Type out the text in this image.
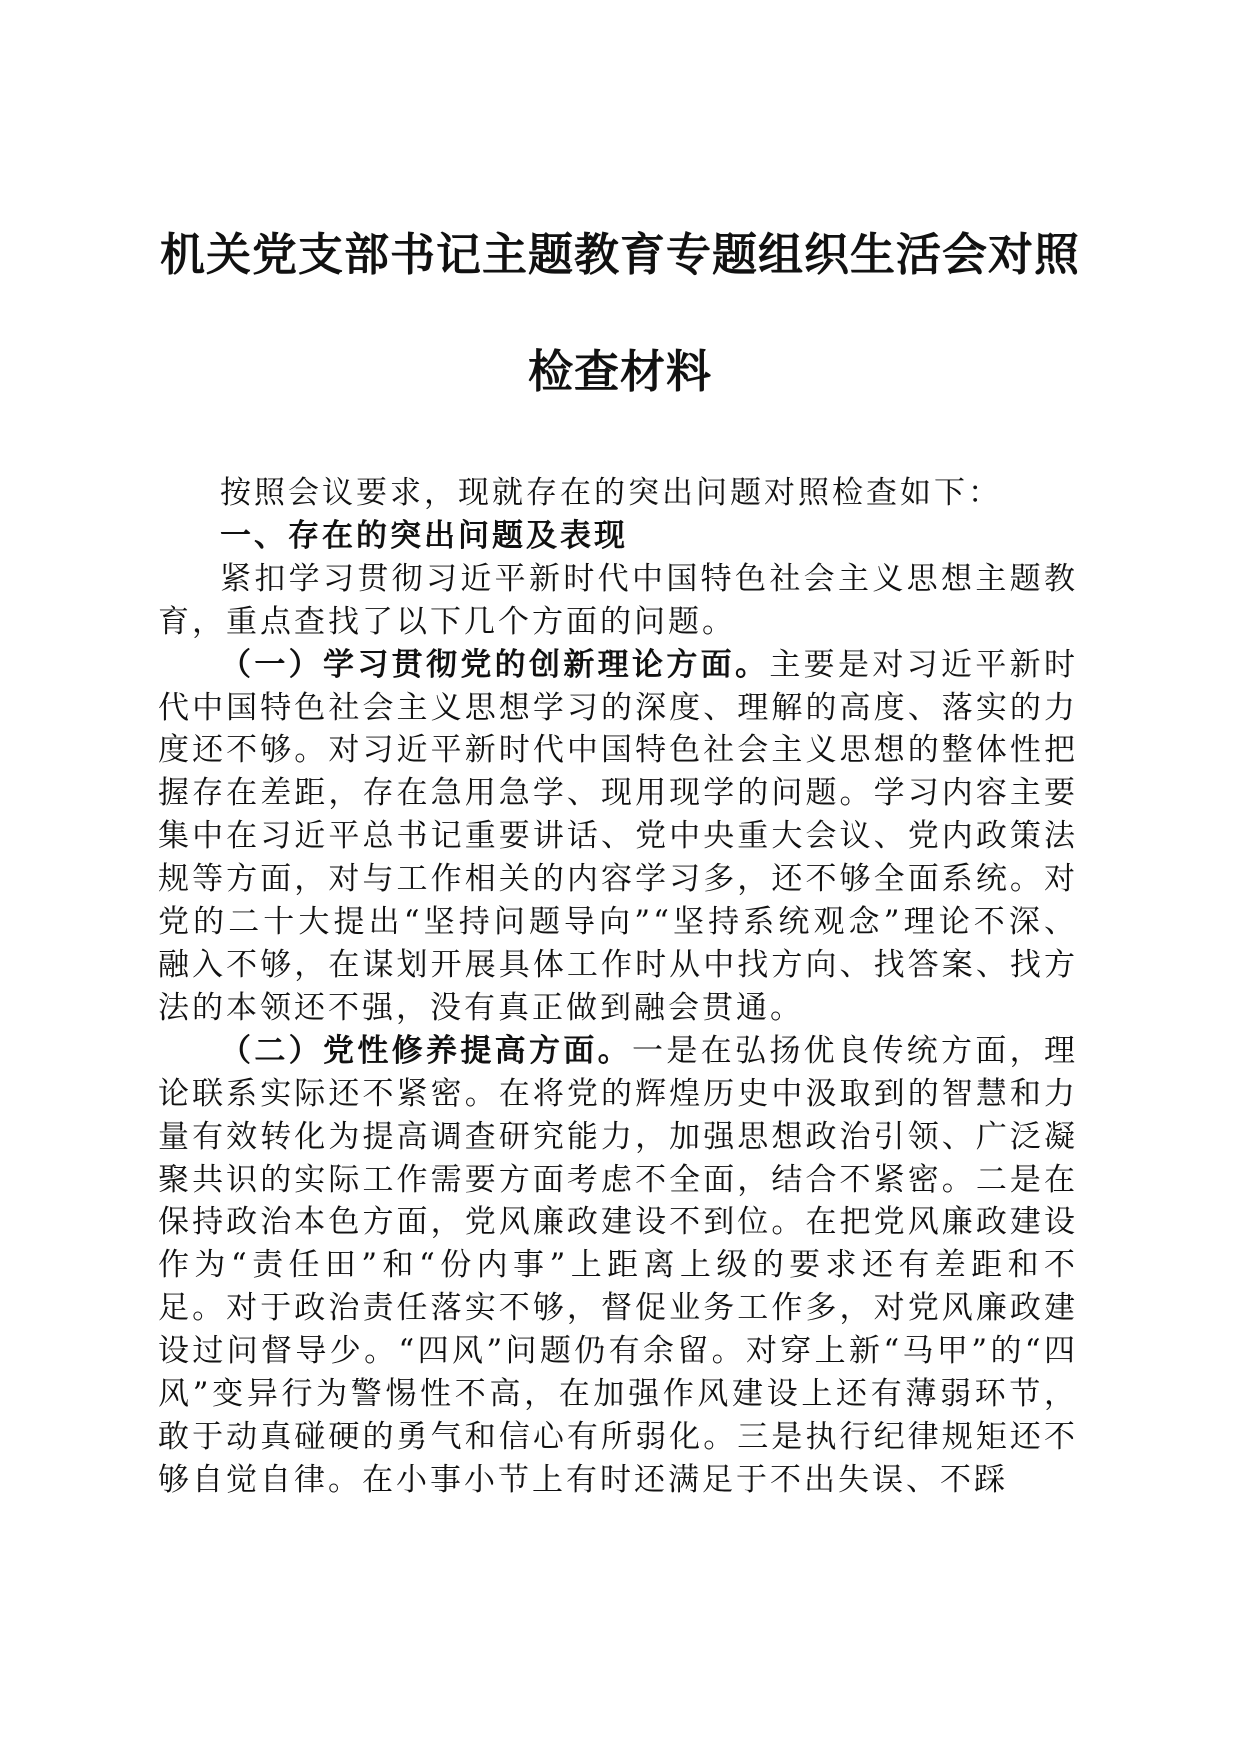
机关党支部书记主题教育专题组织生活会对照
检查材料

按照会议要求，现就存在的突出问题对照检查如下：

一、存在的突出问题及表现

紧扣学习贯彻习近平新时代中国特色社会主义思想主题教育，重点查找了以下几个方面的问题。

（一）学习贯彻党的创新理论方面。主要是对习近平新时代中国特色社会主义思想学习的深度、理解的高度、落实的力度还不够。对习近平新时代中国特色社会主义思想的整体性把握存在差距，存在急用急学、现用现学的问题。学习内容主要集中在习近平总书记重要讲话、党中央重大会议、党内政策法规等方面，对与工作相关的内容学习多，还不够全面系统。对党的二十大提出“坚持问题导向”“坚持系统观念”理论不深、融入不够，在谋划开展具体工作时从中找方向、找答案、找方法的本领还不强，没有真正做到融会贯通。

（二）党性修养提高方面。一是在弘扬优良传统方面，理论联系实际还不紧密。在将党的辉煌历史中汲取到的智慧和力量有效转化为提高调查研究能力，加强思想政治引领、广泛凝聚共识的实际工作需要方面考虑不全面，结合不紧密。二是在保持政治本色方面，党风廉政建设不到位。在把党风廉政建设作为“责任田”和“份内事”上距离上级的要求还有差距和不足。对于政治责任落实不够，督促业务工作多，对党风廉政建设过问督导少。“四风”问题仍有余留。对穿上新“马甲”的“四风”变异行为警惕性不高，在加强作风建设上还有薄弱环节，敢于动真碰硬的勇气和信心有所弱化。三是执行纪律规矩还不够自觉自律。在小事小节上有时还满足于不出失误、不踩
